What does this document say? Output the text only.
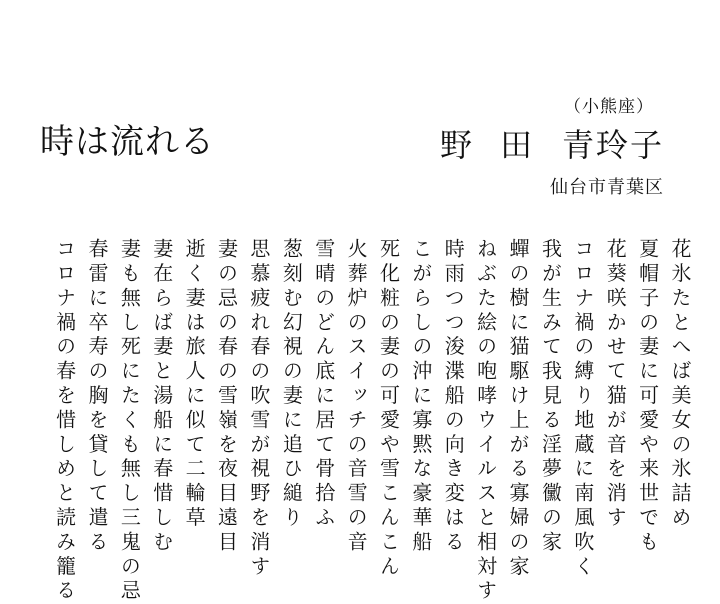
（小熊座）
時は流れる	野田青玲子
仙台市青葉区
花氷たとへば美女の氷詰め
夏帽子の妻に可愛や来世でも
花葵咲かせて猫が音を消す
コロナ禍の縛り地蔵に南風吹く
我が生みて我見る淫夢黴の家
蟬の樹に猫駆け上がる寡婦の家
ねぶた絵の咆哮ウイルスと相対す
時雨つつ浚渫船の向き変はる
こがらしの沖に寡黙な豪華船
死化粧の妻の可愛や雪こんこん
火葬炉のスイッチの音雪の音
雪晴のどん底に居て骨拾ふ
葱刻む幻視の妻に追ひ縋り
思慕疲れ春の吹雪が視野を消す
妻の忌の春の雪嶺を夜目遠目
逝く妻は旅人に似て二輪草
妻在らば妻と湯船に春惜しむ
妻も無し死にたくも無し三鬼の忌
春雷に卒寿の胸を貸して遣る
コロナ禍の春を惜しめと読み籠る
